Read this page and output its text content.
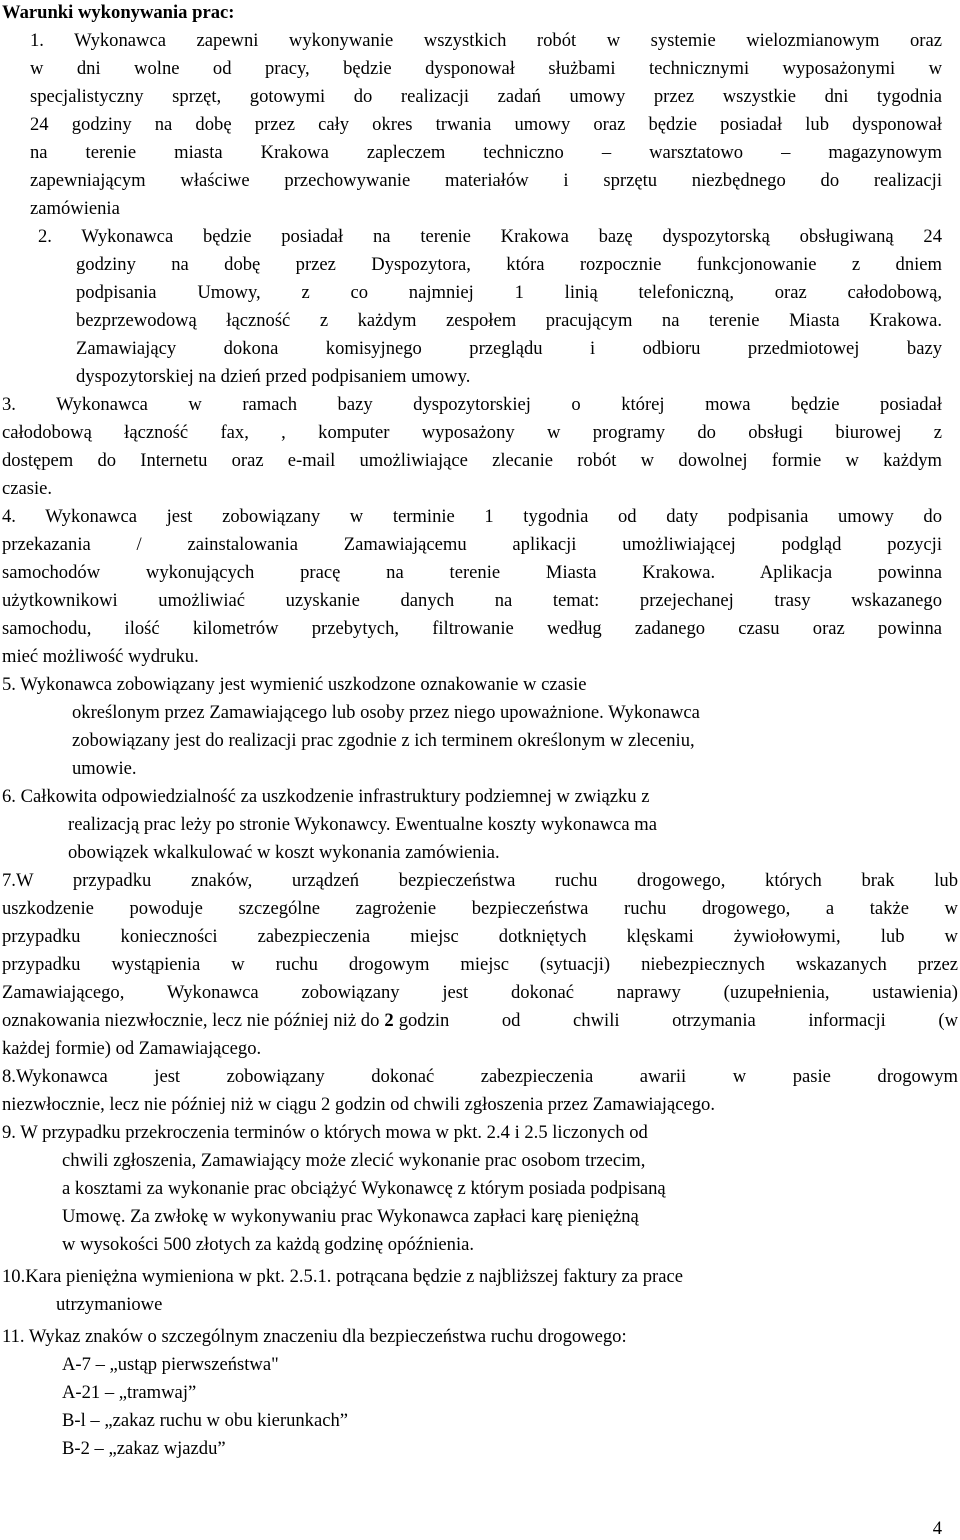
Warunki wykonywania prac:
1. Wykonawca zapewni wykonywanie wszystkich robót w systemie wielozmianowym oraz
w dni wolne od pracy, będzie dysponował służbami technicznymi wyposażonymi w
specjalistyczny sprzęt, gotowymi do realizacji zadań umowy przez wszystkie dni tygodnia
24 godziny na dobę przez cały okres trwania umowy oraz będzie posiadał lub dysponował
na terenie miasta Krakowa zapleczem techniczno – warsztatowo – magazynowym
zapewniającym właściwe przechowywanie materiałów i sprzętu niezbędnego do realizacji
zamówienia
2. Wykonawca będzie posiadał na terenie Krakowa bazę dyspozytorską obsługiwaną 24
godziny na dobę przez Dyspozytora, która rozpocznie funkcjonowanie z dniem
podpisania Umowy, z co najmniej 1 linią telefoniczną, oraz całodobową,
bezprzewodową łączność z każdym zespołem pracującym na terenie Miasta Krakowa.
Zamawiający dokona komisyjnego przeglądu i odbioru przedmiotowej bazy
dyspozytorskiej na dzień przed podpisaniem umowy.
3. Wykonawca w ramach bazy dyspozytorskiej o której mowa będzie posiadał
całodobową łączność fax, , komputer wyposażony w programy do obsługi biurowej z
dostępem do Internetu oraz e-mail umożliwiające zlecanie robót w dowolnej formie w każdym
czasie.
4. Wykonawca jest zobowiązany w terminie 1 tygodnia od daty podpisania umowy do
przekazania / zainstalowania Zamawiającemu aplikacji umożliwiającej podgląd pozycji
samochodów wykonujących pracę na terenie Miasta Krakowa. Aplikacja powinna
użytkownikowi umożliwiać uzyskanie danych na temat: przejechanej trasy wskazanego
samochodu, ilość kilometrów przebytych, filtrowanie według zadanego czasu oraz powinna
mieć możliwość wydruku.
5. Wykonawca zobowiązany jest wymienić uszkodzone oznakowanie w czasie
określonym przez Zamawiającego lub osoby przez niego upoważnione. Wykonawca
zobowiązany jest do realizacji prac zgodnie z ich terminem określonym w zleceniu,
umowie.
6. Całkowita odpowiedzialność za uszkodzenie infrastruktury podziemnej w związku z
realizacją prac leży po stronie Wykonawcy. Ewentualne koszty wykonawca ma
obowiązek wkalkulować w koszt wykonania zamówienia.
7.W przypadku znaków, urządzeń bezpieczeństwa ruchu drogowego, których brak lub
uszkodzenie powoduje szczególne zagrożenie bezpieczeństwa ruchu drogowego, a także w
przypadku konieczności zabezpieczenia miejsc dotkniętych klęskami żywiołowymi, lub w
przypadku wystąpienia w ruchu drogowym miejsc (sytuacji) niebezpiecznych wskazanych przez
Zamawiającego, Wykonawca zobowiązany jest dokonać naprawy (uzupełnienia, ustawienia)
oznakowania niezwłocznie, lecz nie później niż do 2 godzin od chwili otrzymania informacji (w
każdej formie) od Zamawiającego.
8.Wykonawca jest zobowiązany dokonać zabezpieczenia awarii w pasie drogowym
niezwłocznie, lecz nie później niż w ciągu 2 godzin od chwili zgłoszenia przez Zamawiającego.
9. W przypadku przekroczenia terminów o których mowa w pkt. 2.4 i 2.5 liczonych od
chwili zgłoszenia, Zamawiający może zlecić wykonanie prac osobom trzecim,
a kosztami za wykonanie prac obciążyć Wykonawcę z którym posiada podpisaną
Umowę. Za zwłokę w wykonywaniu prac Wykonawca zapłaci karę pieniężną
w wysokości 500 złotych za każdą godzinę opóźnienia.
10.Kara pieniężna wymieniona w pkt. 2.5.1. potrącana będzie z najbliższej faktury za prace
utrzymaniowe
11. Wykaz znaków o szczególnym znaczeniu dla bezpieczeństwa ruchu drogowego:
A-7 – „ustąp pierwszeństwa"
A-21 – „tramwaj”
B-l – „zakaz ruchu w obu kierunkach”
B-2 – „zakaz wjazdu”
4
